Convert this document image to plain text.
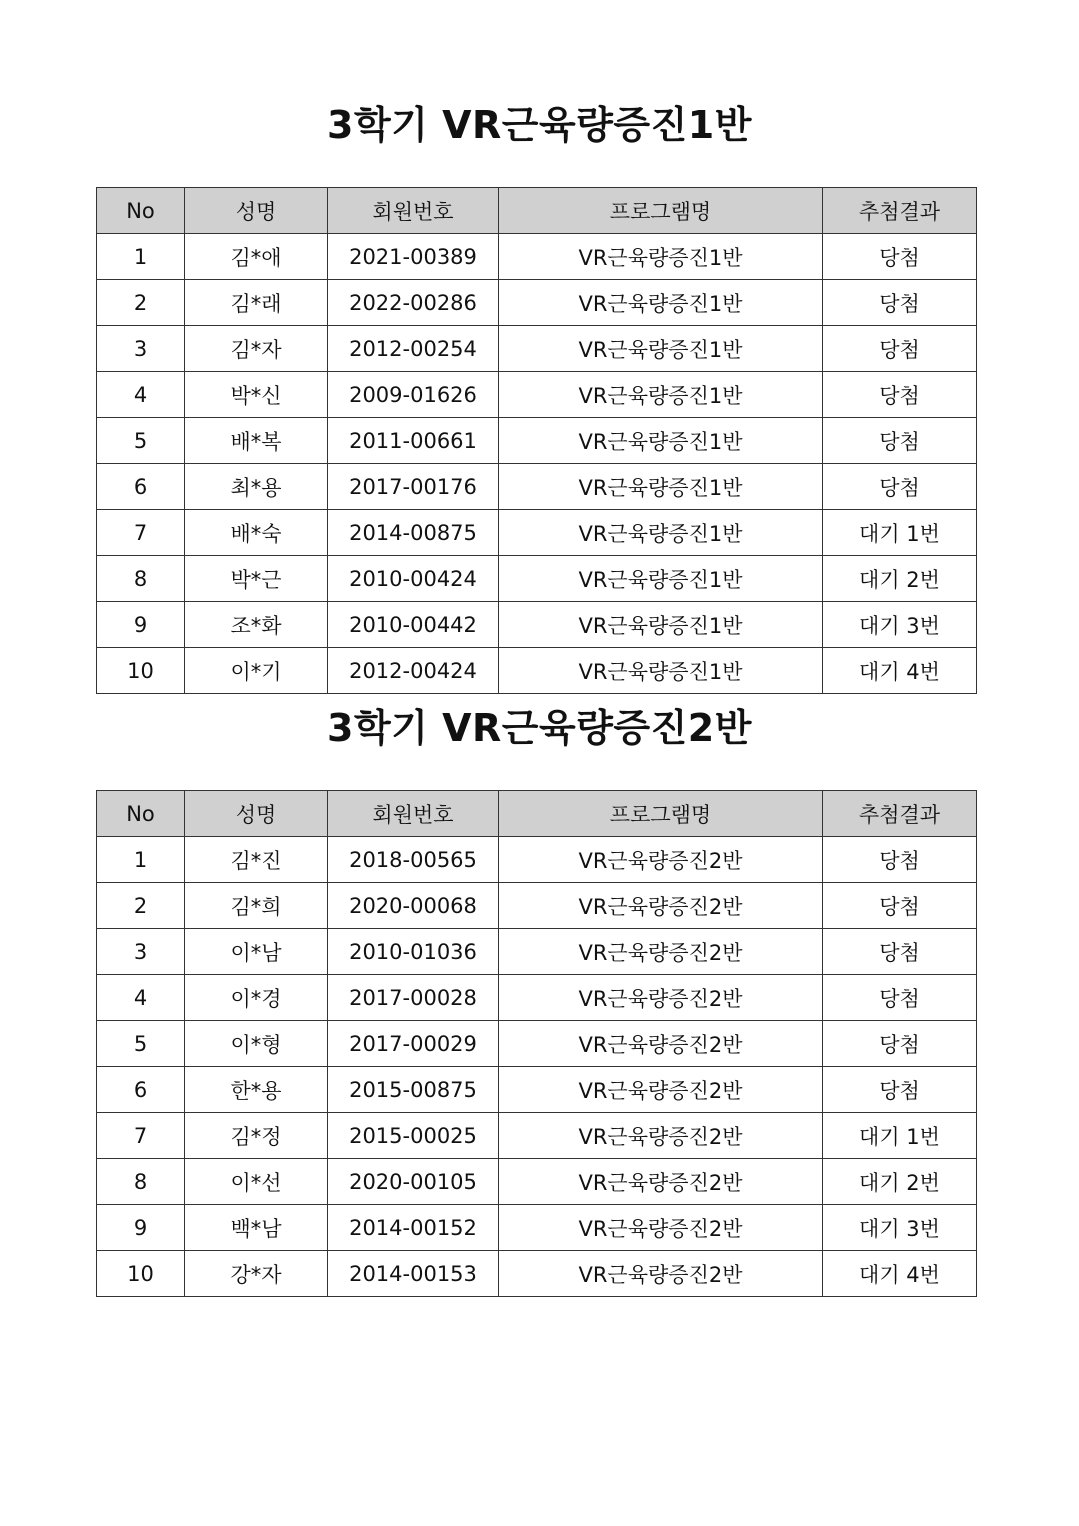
3학기 VR근육량증진1반
No	성명	회원번호	프로그램명	추첨결과
1	김*애	2021-00389	VR근육량증진1반	당첨
2	김*래	2022-00286	VR근육량증진1반	당첨
3	김*자	2012-00254	VR근육량증진1반	당첨
4	박*신	2009-01626	VR근육량증진1반	당첨
5	배*복	2011-00661	VR근육량증진1반	당첨
6	최*용	2017-00176	VR근육량증진1반	당첨
7	배*숙	2014-00875	VR근육량증진1반	대기 1번
8	박*근	2010-00424	VR근육량증진1반	대기 2번
9	조*화	2010-00442	VR근육량증진1반	대기 3번
10	이*기	2012-00424	VR근육량증진1반	대기 4번
3학기 VR근육량증진2반
No	성명	회원번호	프로그램명	추첨결과
1	김*진	2018-00565	VR근육량증진2반	당첨
2	김*희	2020-00068	VR근육량증진2반	당첨
3	이*남	2010-01036	VR근육량증진2반	당첨
4	이*경	2017-00028	VR근육량증진2반	당첨
5	이*형	2017-00029	VR근육량증진2반	당첨
6	한*용	2015-00875	VR근육량증진2반	당첨
7	김*정	2015-00025	VR근육량증진2반	대기 1번
8	이*선	2020-00105	VR근육량증진2반	대기 2번
9	백*남	2014-00152	VR근육량증진2반	대기 3번
10	강*자	2014-00153	VR근육량증진2반	대기 4번
